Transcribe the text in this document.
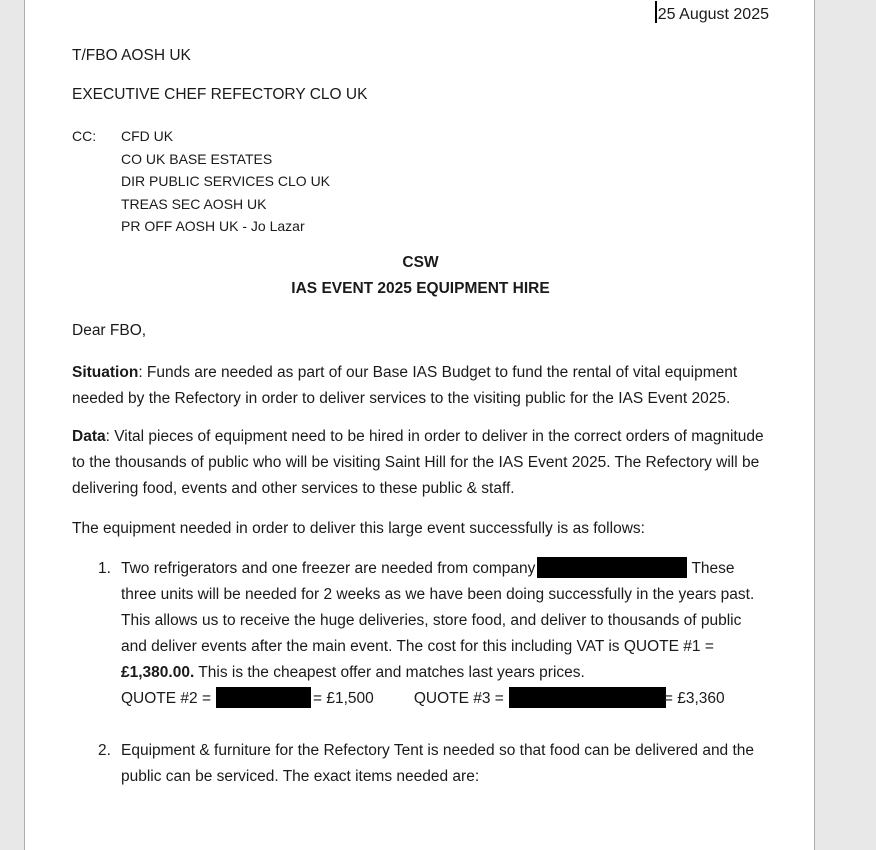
25 August 2025
T/FBO AOSH UK
EXECUTIVE CHEF REFECTORY CLO UK
CC:	CFD UK
CO UK BASE ESTATES
DIR PUBLIC SERVICES CLO UK
TREAS SEC AOSH UK
PR OFF AOSH UK - Jo Lazar
CSW
IAS EVENT 2025 EQUIPMENT HIRE

Dear FBO,

Situation: Funds are needed as part of our Base IAS Budget to fund the rental of vital equipment needed by the Refectory in order to deliver services to the visiting public for the IAS Event 2025.

Data: Vital pieces of equipment need to be hired in order to deliver in the correct orders of magnitude to the thousands of public who will be visiting Saint Hill for the IAS Event 2025. The Refectory will be delivering food, events and other services to these public & staff.

The equipment needed in order to deliver this large event successfully is as follows:

1. Two refrigerators and one freezer are needed from company	These three units will be needed for 2 weeks as we have been doing successfully in the years past. This allows us to receive the huge deliveries, store food, and deliver to thousands of public and deliver events after the main event. The cost for this including VAT is QUOTE #1 = £1,380.00. This is the cheapest offer and matches last years prices.
QUOTE #2 =	= £1,500	QUOTE #3 =	= £3,360
2. Equipment & furniture for the Refectory Tent is needed so that food can be delivered and the public can be serviced. The exact items needed are:
